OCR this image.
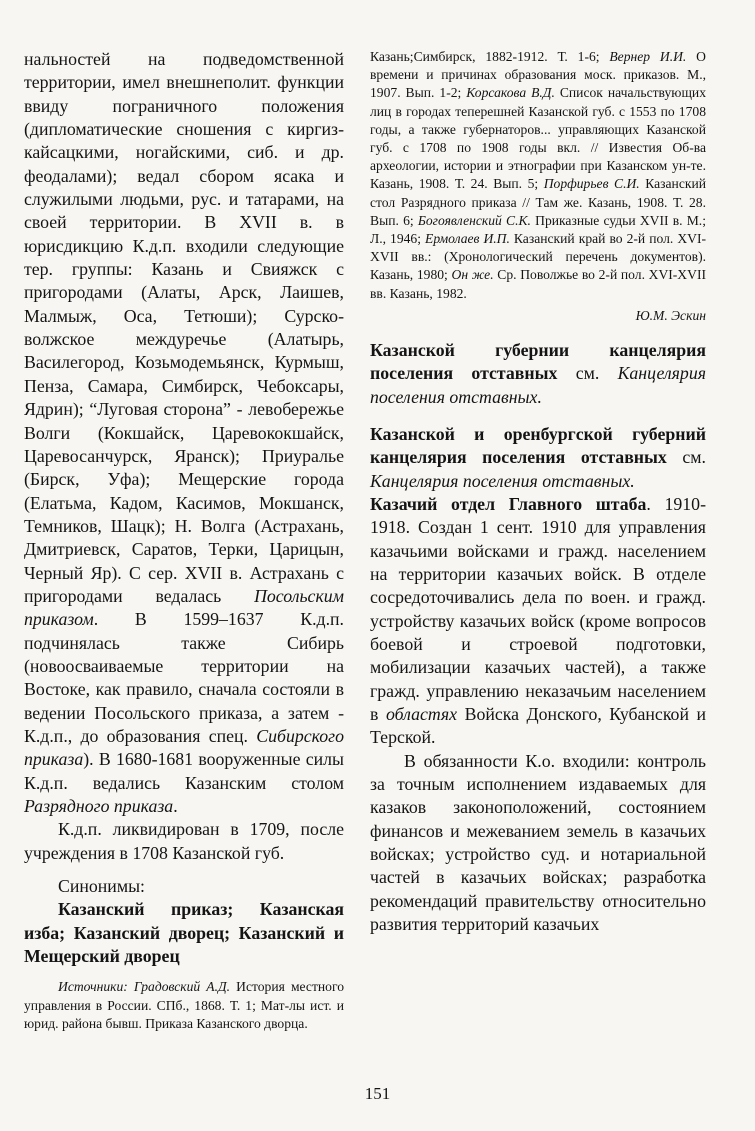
нальностей на подведомственной территории, имел внешнеполит. функции ввиду пограничного положения (дипломатические сношения с киргиз-кайсацкими, ногайскими, сиб. и др. феодалами); ведал сбором ясака и служилыми людьми, рус. и татарами, на своей территории. В XVII в. в юрисдикцию К.д.п. входили следующие тер. группы: Казань и Свияжск с пригородами (Алаты, Арск, Лаишев, Малмыж, Оса, Тетюши); Сурско-волжское междуречье (Алатырь, Василегород, Козьмодемьянск, Курмыш, Пенза, Самара, Симбирск, Чебоксары, Ядрин); “Луговая сторона” - левобережье Волги (Кокшайск, Царевококшайск, Царевосанчурск, Яранск); Приуралье (Бирск, Уфа); Мещерские города (Елатьма, Кадом, Касимов, Мокшанск, Темников, Шацк); Н. Волга (Астрахань, Дмитриевск, Саратов, Терки, Царицын, Черный Яр). С сер. XVII в. Астрахань с пригородами ведалась Посольским приказом. В 1599–1637 К.д.п. подчинялась также Сибирь (новоосваиваемые территории на Востоке, как правило, сначала состояли в ведении Посольского приказа, а затем - К.д.п., до образования спец. Сибирского приказа). В 1680-1681 вооруженные силы К.д.п. ведались Казанским столом Разрядного приказа.

К.д.п. ликвидирован в 1709, после учреждения в 1708 Казанской губ.

Синонимы:

Казанский приказ; Казанская изба; Казанский дворец; Казанский и Мещерский дворец

Источники: Градовский А.Д. История местного управления в России. СПб., 1868. Т. 1; Мат-лы ист. и юрид. района бывш. Приказа Казанского дворца.

Казань;Симбирск, 1882-1912. Т. 1-6; Вернер И.И. О времени и причинах образования моск. приказов. М., 1907. Вып. 1-2; Корсакова В.Д. Список начальствующих лиц в городах теперешней Казанской губ. с 1553 по 1708 годы, а также губернаторов... управляющих Казанской губ. с 1708 по 1908 годы вкл. // Известия Об-ва археологии, истории и этнографии при Казанском ун-те. Казань, 1908. Т. 24. Вып. 5; Порфирьев С.И. Казанский стол Разрядного приказа // Там же. Казань, 1908. Т. 28. Вып. 6; Богоявленский С.К. Приказные судьи XVII в. М.; Л., 1946; Ермолаев И.П. Казанский край во 2-й пол. XVI-XVII вв.: (Хронологический перечень документов). Казань, 1980; Он же. Ср. Поволжье во 2-й пол. XVI-XVII вв. Казань, 1982.

Ю.М. Эскин

Казанской губернии канцелярия поселения отставных см. Канцелярия поселения отставных.

Казанской и оренбургской губерний канцелярия поселения отставных см. Канцелярия поселения отставных.

Казачий отдел Главного штаба. 1910-1918. Создан 1 сент. 1910 для управления казачьими войсками и гражд. населением на территории казачьих войск. В отделе сосредоточивались дела по воен. и гражд. устройству казачьих войск (кроме вопросов боевой и строевой подготовки, мобилизации казачьих частей), а также гражд. управлению неказачьим населением в областях Войска Донского, Кубанской и Терской.

В обязанности К.о. входили: контроль за точным исполнением издаваемых для казаков законоположений, состоянием финансов и межеванием земель в казачьих войсках; устройство суд. и нотариальной частей в казачьих войсках; разработка рекомендаций правительству относительно развития территорий казачьих

151
